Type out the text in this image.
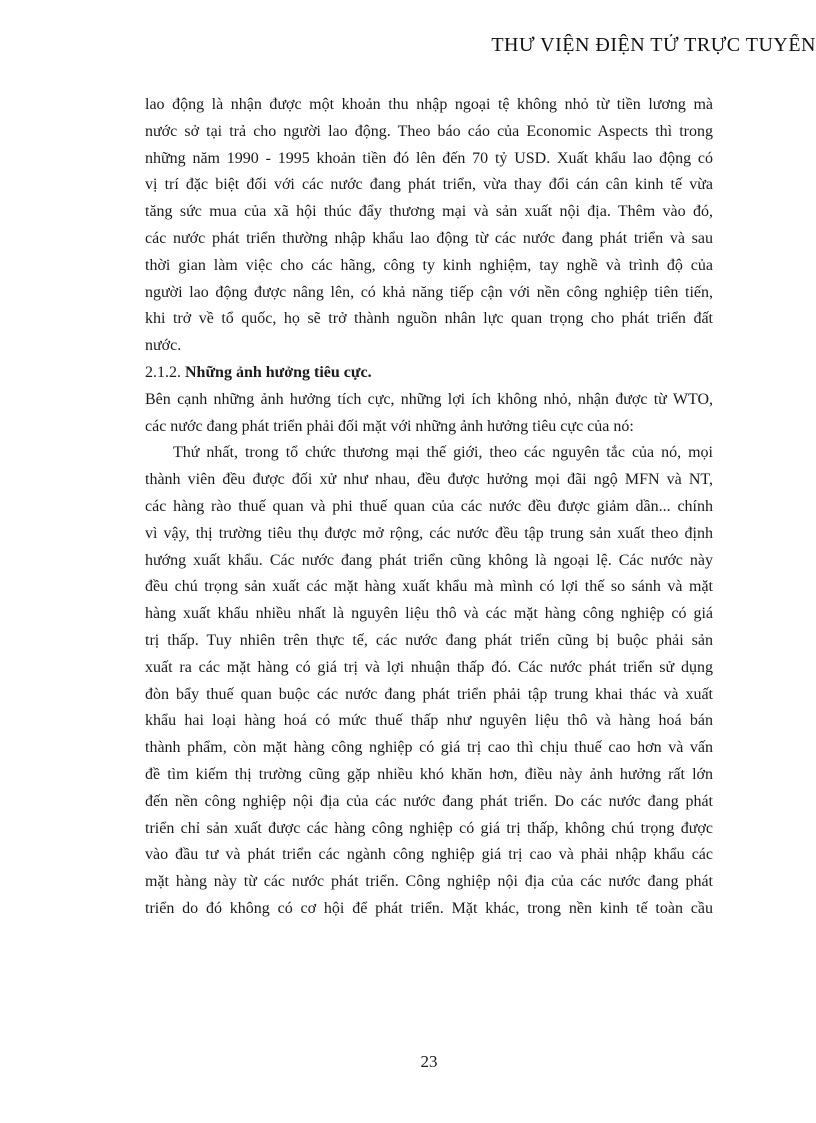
THƯ VIỆN ĐIỆN TỬ TRỰC TUYẾN
lao động là nhận được một khoản thu nhập ngoại tệ không nhỏ từ tiền lương mà
nước sở tại trả cho người lao động. Theo báo cáo của Economic Aspects thì trong
những năm 1990 - 1995 khoản tiền đó lên đến 70 tỷ USD. Xuất khẩu lao động có
vị trí đặc biệt đối với các nước đang phát triển, vừa thay đổi cán cân kinh tế vừa
tăng sức mua của xã hội thúc đẩy thương mại và sản xuất nội địa. Thêm vào đó,
các nước phát triển thường nhập khẩu lao động từ các nước đang phát triển và sau
thời gian làm việc cho các hãng, công ty kinh nghiệm, tay nghề và trình độ của
người lao động được nâng lên, có khả năng tiếp cận với nền công nghiệp tiên tiến,
khi trở về tổ quốc, họ sẽ trở thành nguồn nhân lực quan trọng cho phát triển đất
nước.
2.1.2. Những ảnh hưởng tiêu cực.
Bên cạnh những ảnh hưởng tích cực, những lợi ích không nhỏ, nhận được từ WTO,
các nước đang phát triển phải đối mặt với những ảnh hưởng tiêu cực của nó:
Thứ nhất, trong tổ chức thương mại thế giới, theo các nguyên tắc của nó, mọi
thành viên đều được đối xử như nhau, đều được hưởng mọi đãi ngộ MFN và NT,
các hàng rào thuế quan và phi thuế quan của các nước đều được giảm dần... chính
vì vậy, thị trường tiêu thụ được mở rộng, các nước đều tập trung sản xuất theo định
hướng xuất khẩu. Các nước đang phát triển cũng không là ngoại lệ. Các nước này
đều chú trọng sản xuất các mặt hàng xuất khẩu mà mình có lợi thế so sánh và mặt
hàng xuất khẩu nhiều nhất là nguyên liệu thô và các mặt hàng công nghiệp có giá
trị thấp. Tuy nhiên trên thực tế, các nước đang phát triển cũng bị buộc phải sản
xuất ra các mặt hàng có giá trị và lợi nhuận thấp đó. Các nước phát triển sử dụng
đòn bẩy thuế quan buộc các nước đang phát triển phải tập trung khai thác và xuất
khẩu hai loại hàng hoá có mức thuế thấp như nguyên liệu thô và hàng hoá bán
thành phẩm, còn mặt hàng công nghiệp có giá trị cao thì chịu thuế cao hơn và vấn
đề tìm kiếm thị trường cũng gặp nhiều khó khăn hơn, điều này ảnh hưởng rất lớn
đến nền công nghiệp nội địa của các nước đang phát triển. Do các nước đang phát
triển chỉ sản xuất được các hàng công nghiệp có giá trị thấp, không chú trọng được
vào đầu tư và phát triển các ngành công nghiệp giá trị cao và phải nhập khẩu các
mặt hàng này từ các nước phát triển. Công nghiệp nội địa của các nước đang phát
triển do đó không có cơ hội để phát triển. Mặt khác, trong nền kinh tế toàn cầu
23
